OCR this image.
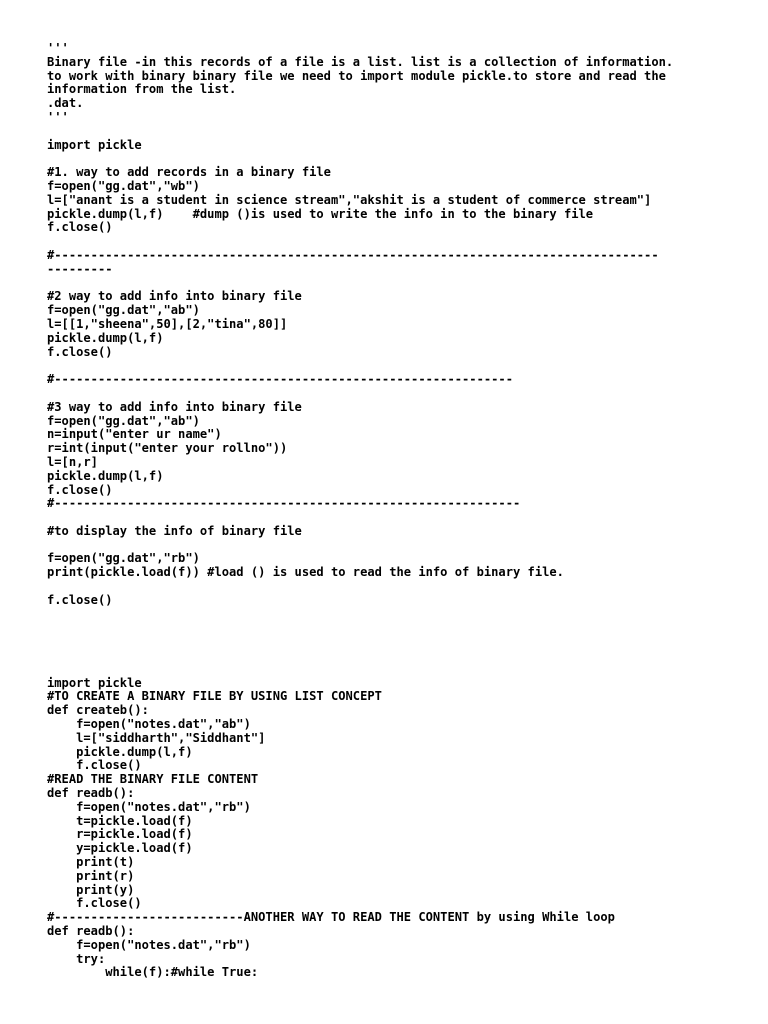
'''
Binary file -in this records of a file is a list. list is a collection of information.
to work with binary binary file we need to import module pickle.to store and read the
information from the list.
.dat.
'''
import pickle
#1. way to add records in a binary file
f=open("gg.dat","wb")
l=["anant is a student in science stream","akshit is a student of commerce stream"]
pickle.dump(l,f)    #dump ()is used to write the info in to the binary file
f.close()
#-----------------------------------------------------------------------------------
---------
#2 way to add info into binary file
f=open("gg.dat","ab")
l=[[1,"sheena",50],[2,"tina",80]]
pickle.dump(l,f)
f.close()
#---------------------------------------------------------------
#3 way to add info into binary file
f=open("gg.dat","ab")
n=input("enter ur name")
r=int(input("enter your rollno"))
l=[n,r]
pickle.dump(l,f)
f.close()
#----------------------------------------------------------------
#to display the info of binary file
f=open("gg.dat","rb")
print(pickle.load(f)) #load () is used to read the info of binary file.
f.close()
import pickle
#TO CREATE A BINARY FILE BY USING LIST CONCEPT
def createb():
f=open("notes.dat","ab")
l=["siddharth","Siddhant"]
pickle.dump(l,f)
f.close()
#READ THE BINARY FILE CONTENT
def readb():
f=open("notes.dat","rb")
t=pickle.load(f)
r=pickle.load(f)
y=pickle.load(f)
print(t)
print(r)
print(y)
f.close()
#--------------------------ANOTHER WAY TO READ THE CONTENT by using While loop
def readb():
f=open("notes.dat","rb")
try:
while(f):#while True:
